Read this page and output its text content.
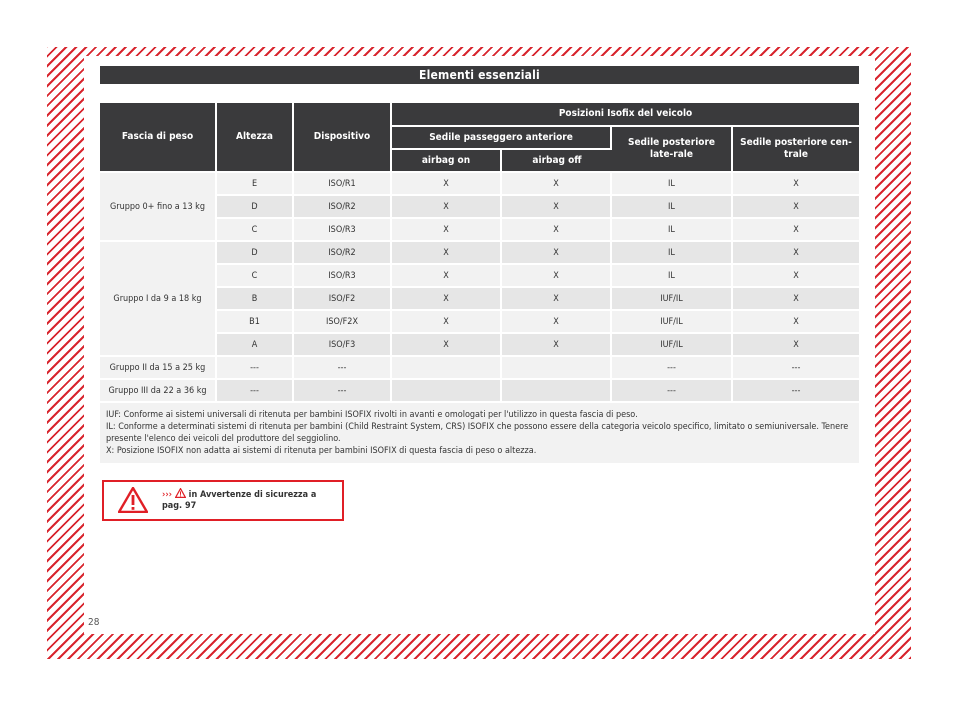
Elementi essenziali
Fascia di peso	Altezza	Dispositivo	Posizioni Isofix del veicolo			
			Sedile passeggero anteriore		Sedile posteriore late-rale	Sedile posteriore cen-trale
			airbag on	airbag off		
Gruppo 0+ fino a 13 kg	E	ISO/R1	X	X	IL	X
	D	ISO/R2	X	X	IL	X
	C	ISO/R3	X	X	IL	X
Gruppo I da 9 a 18 kg	D	ISO/R2	X	X	IL	X
	C	ISO/R3	X	X	IL	X
	B	ISO/F2	X	X	IUF/IL	X
	B1	ISO/F2X	X	X	IUF/IL	X
	A	ISO/F3	X	X	IUF/IL	X
Gruppo II da 15 a 25 kg	---	---			---	---
Gruppo III da 22 a 36 kg	---	---			---	---

IUF: Conforme ai sistemi universali di ritenuta per bambini ISOFIX rivolti in avanti e omologati per l'utilizzo in questa fascia di peso.
IL: Conforme a determinati sistemi di ritenuta per bambini (Child Restraint System, CRS) ISOFIX che possono essere della categoria veicolo specifico, limitato o semiuniversale. Tenere presente l'elenco dei veicoli del produttore del seggiolino.
X: Posizione ISOFIX non adatta ai sistemi di ritenuta per bambini ISOFIX di questa fascia di peso o altezza.						
››› in Avvertenze di sicurezza a pag. 97
28
